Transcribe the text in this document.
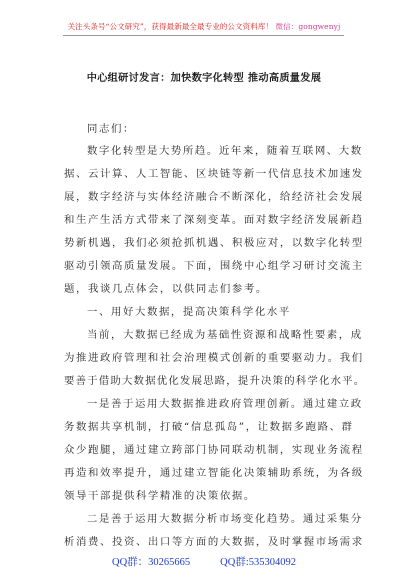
关注头条号“公文研究”，获得最新最全最专业的公文资料库！ 微信：gongwenyj
中心组研讨发言：加快数字化转型 推动高质量发展
同志们：
数字化转型是大势所趋。近年来，随着互联网、大数
据、云计算、人工智能、区块链等新一代信息技术加速发
展，数字经济与实体经济融合不断深化，给经济社会发展
和生产生活方式带来了深刻变革。面对数字经济发展新趋
势新机遇，我们必须抢抓机遇、积极应对，以数字化转型
驱动引领高质量发展。下面，围绕中心组学习研讨交流主
题，我谈几点体会，以供同志们参考。
一、用好大数据，提高决策科学化水平
当前，大数据已经成为基础性资源和战略性要素，成
为推进政府管理和社会治理模式创新的重要驱动力。我们
要善于借助大数据优化发展思路，提升决策的科学化水平。
一是善于运用大数据推进政府管理创新。通过建立政
务数据共享机制，打破“信息孤岛”，让数据多跑路、群
众少跑腿，通过建立跨部门协同联动机制，实现业务流程
再造和效率提升，通过建立智能化决策辅助系统，为各级
领导干部提供科学精准的决策依据。
二是善于运用大数据分析市场变化趋势。通过采集分
析消费、投资、出口等方面的大数据，及时掌握市场需求
QQ群：30265665	QQ群:535304092
